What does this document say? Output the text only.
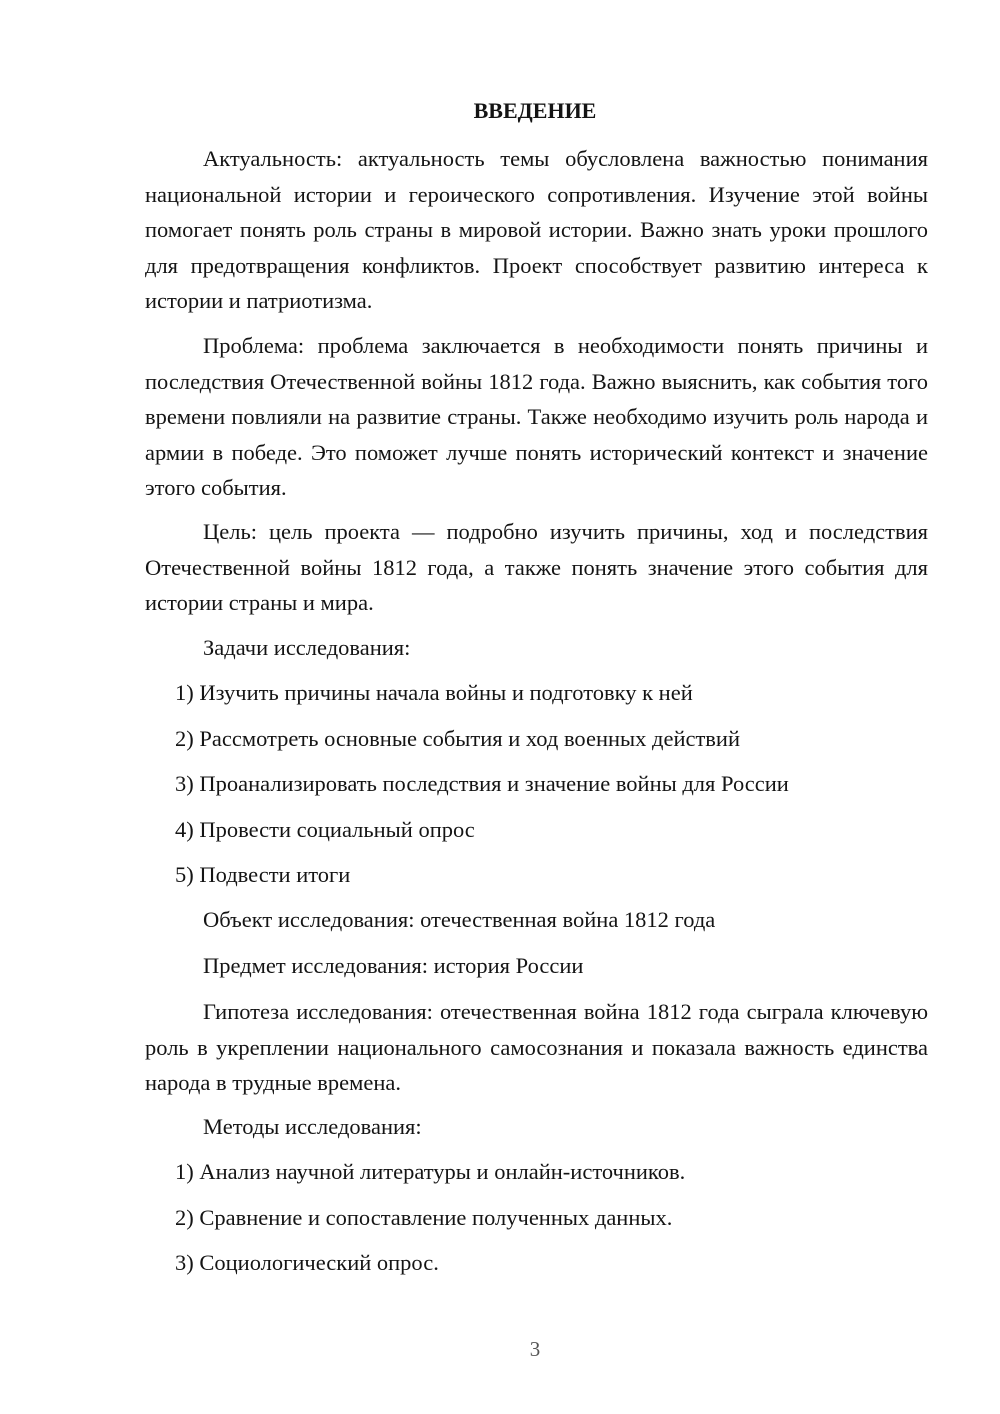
ВВЕДЕНИЕ

Актуальность: актуальность темы обусловлена важностью понимания национальной истории и героического сопротивления. Изучение этой войны помогает понять роль страны в мировой истории. Важно знать уроки прошлого для предотвращения конфликтов. Проект способствует развитию интереса к истории и патриотизма.

Проблема: проблема заключается в необходимости понять причины и последствия Отечественной войны 1812 года. Важно выяснить, как события того времени повлияли на развитие страны. Также необходимо изучить роль народа и армии в победе. Это поможет лучше понять исторический контекст и значение этого события.

Цель: цель проекта — подробно изучить причины, ход и последствия Отечественной войны 1812 года, а также понять значение этого события для истории страны и мира.

Задачи исследования:

1) Изучить причины начала войны и подготовку к ней

2) Рассмотреть основные события и ход военных действий

3) Проанализировать последствия и значение войны для России

4) Провести социальный опрос

5) Подвести итоги

Объект исследования: отечественная война 1812 года

Предмет исследования: история России

Гипотеза исследования: отечественная война 1812 года сыграла ключевую роль в укреплении национального самосознания и показала важность единства народа в трудные времена.

Методы исследования:

1) Анализ научной литературы и онлайн-источников.

2) Сравнение и сопоставление полученных данных.

3) Социологический опрос.

3
